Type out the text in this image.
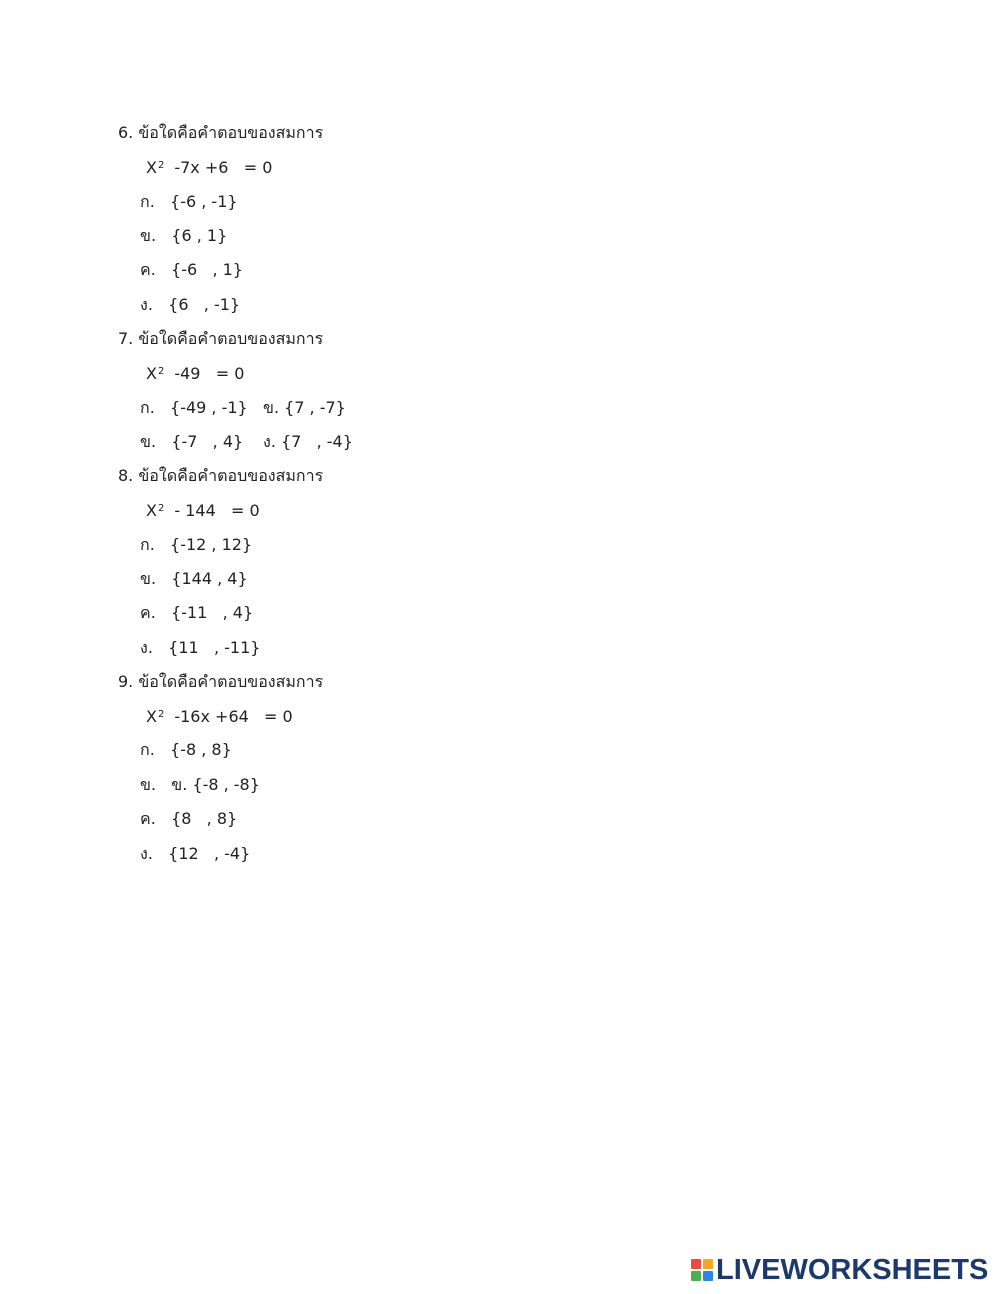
6. ข้อใดคือคำตอบของสมการ
$X^2$ -7x +6   = 0
ก.   {-6 , -1}
ข.   {6 , 1}
ค.   {-6   , 1}
ง.   {6   , -1}
7. ข้อใดคือคำตอบของสมการ
$X^2$ -49   = 0
ก.   {-49 , -1} ข. {7 , -7}
ข.   {-7   , 4} ง. {7   , -4}
8. ข้อใดคือคำตอบของสมการ
$X^2 - 144 = 0$
ก.   {-12 , 12}
ข.   {144 , 4}
ค.   {-11   , 4}
ง.   {11   , -11}
9. ข้อใดคือคำตอบของสมการ
$X^2$ -16x +64   = 0
ก.   {-8 , 8}
ข.   ข. {-8 , -8}
ค.   {8   , 8}
ง.   {12   , -4}
LIVEWORKSHEETS
